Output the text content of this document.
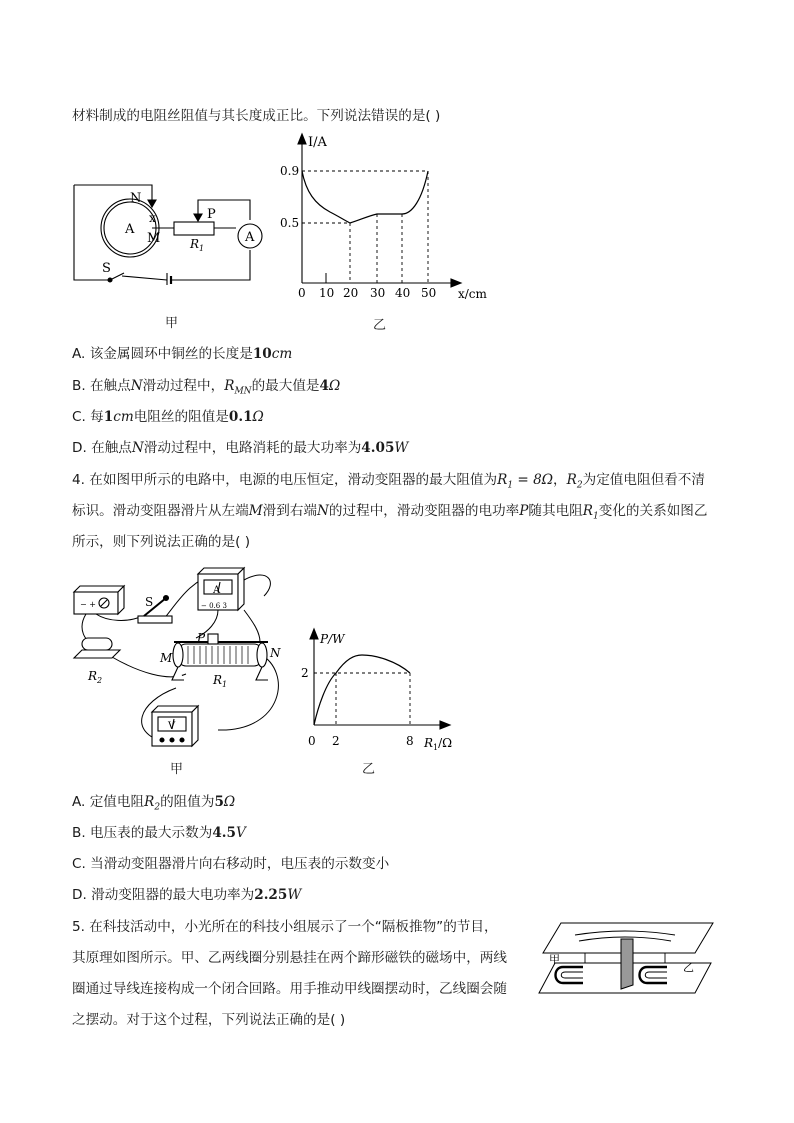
材料制成的电阻丝阻值与其长度成正比。下列说法错误的是( )
N
x
A
M
P
$R_1$
A
S
甲
I/A
0.9
0.5
0 10 20 30 40 50 x/cm
乙
A. 该金属圆环中铜丝的长度是10cm
B. 在触点N滑动过程中，$R_{MN}$的最大值是4Ω
C. 每1cm电阻丝的阻值是0.1Ω
D. 在触点N滑动过程中，电路消耗的最大功率为4.05W
4. 在如图甲所示的电路中，电源的电压恒定，滑动变阻器的最大阻值为$R_1 = 8\Omega$，$R_2$为定值电阻但看不清
标识。滑动变阻器滑片从左端M滑到右端N的过程中，滑动变阻器的电功率P随其电阻$R_1$变化的关系如图乙
所示，则下列说法正确的是( )
− +	S
A
− 0.6 3
$R_2$
P
M	N
$R_1$
V
甲
P/W
2
0 2	8 $R_1/\Omega$
乙
A. 定值电阻$R_2$的阻值为5Ω
B. 电压表的最大示数为4.5V
C. 当滑动变阻器滑片向右移动时，电压表的示数变小
D. 滑动变阻器的最大电功率为2.25W
5. 在科技活动中，小光所在的科技小组展示了一个“隔板推物”的节目，
其原理如图所示。甲、乙两线圈分别悬挂在两个蹄形磁铁的磁场中，两线
圈通过导线连接构成一个闭合回路。用手推动甲线圈摆动时，乙线圈会随
之摆动。对于这个过程，下列说法正确的是( )
甲
乙
